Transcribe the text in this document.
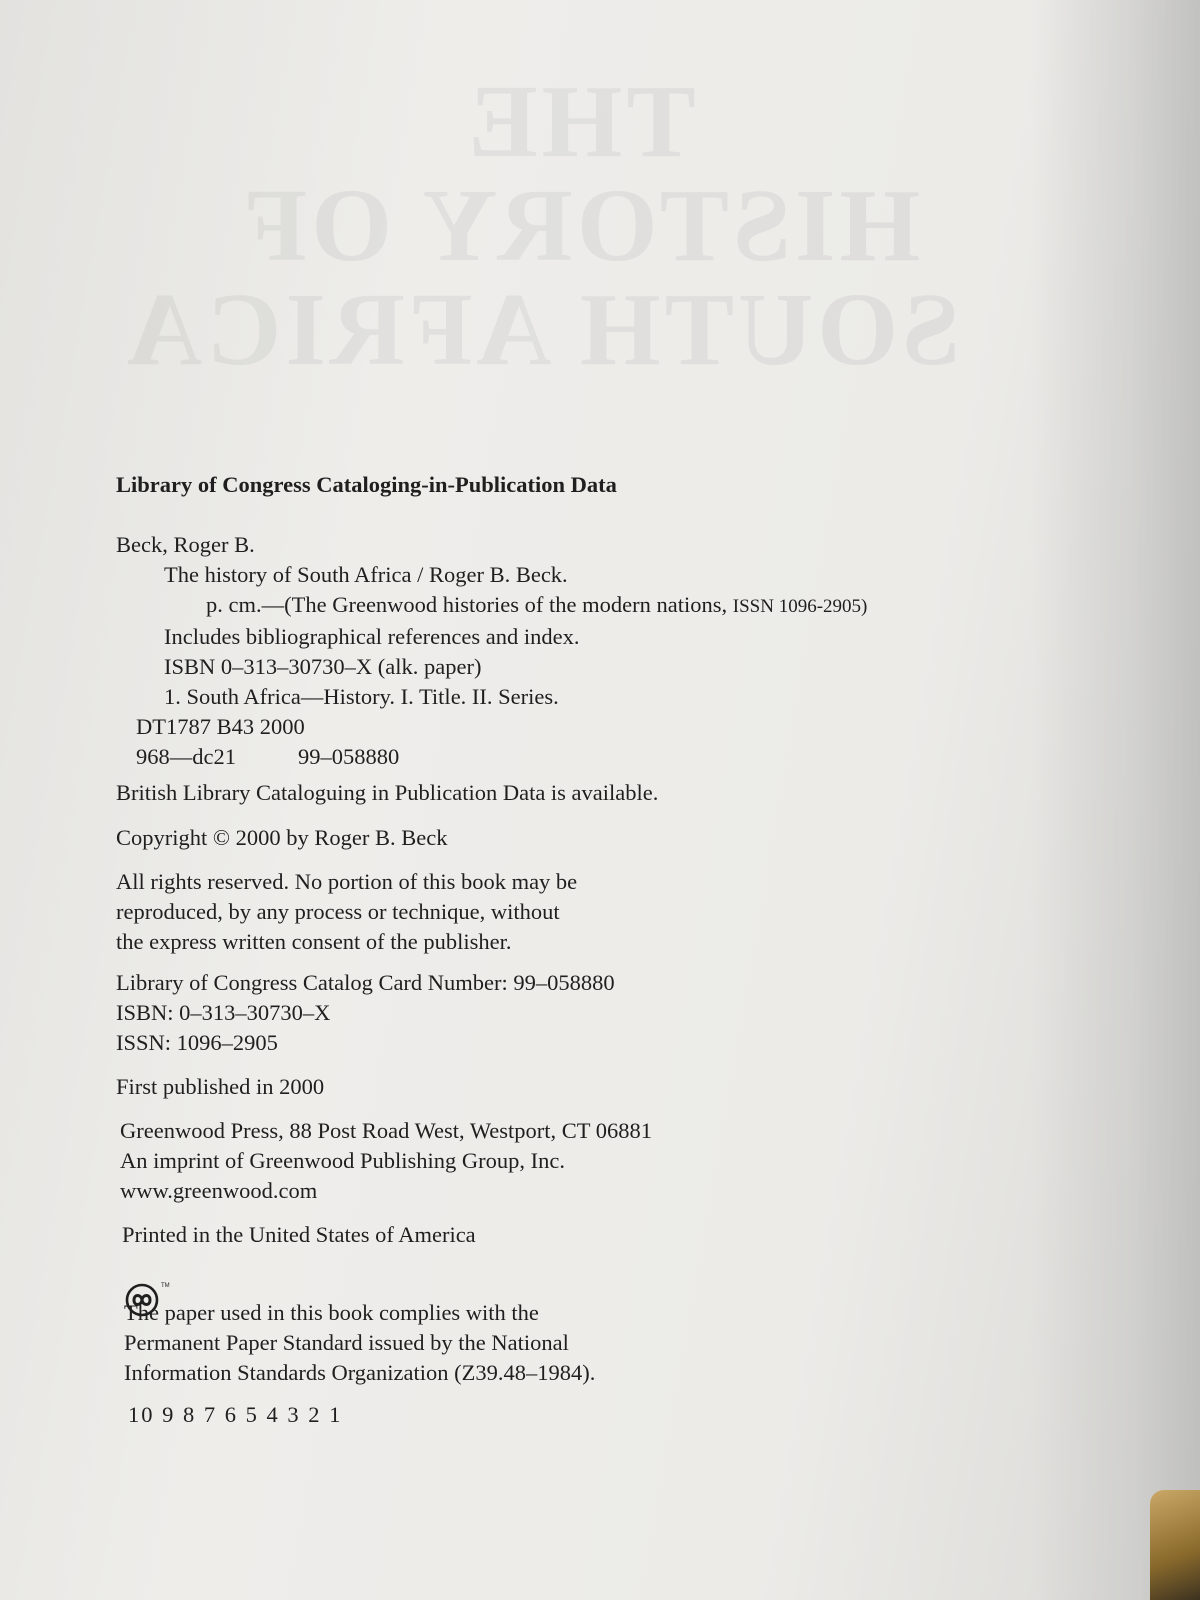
THE
HISTORY OF
SOUTH AFRICA
Library of Congress Cataloging-in-Publication Data
Beck, Roger B.
The history of South Africa / Roger B. Beck.
p. cm.—(The Greenwood histories of the modern nations, ISSN 1096-2905)
Includes bibliographical references and index.
ISBN 0–313–30730–X (alk. paper)
1. South Africa—History. I. Title. II. Series.
DT1787 B43 2000
968—dc21	99–058880
British Library Cataloguing in Publication Data is available.
Copyright © 2000 by Roger B. Beck
All rights reserved. No portion of this book may be
reproduced, by any process or technique, without
the express written consent of the publisher.
Library of Congress Catalog Card Number: 99–058880
ISBN: 0–313–30730–X
ISSN: 1096–2905
First published in 2000
Greenwood Press, 88 Post Road West, Westport, CT 06881
An imprint of Greenwood Publishing Group, Inc.
www.greenwood.com
Printed in the United States of America
TM
The paper used in this book complies with the
Permanent Paper Standard issued by the National
Information Standards Organization (Z39.48–1984).
10 9 8 7 6 5 4 3 2 1
